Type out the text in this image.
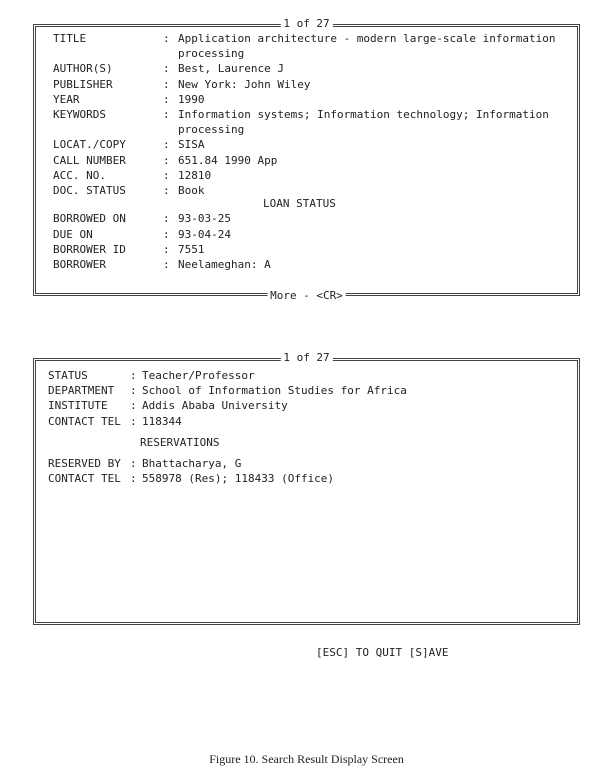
1 of 27
TITLE	: Application architecture - modern large-scale information
processing
AUTHOR(S)	: Best, Laurence J
PUBLISHER	: New York: John Wiley
YEAR	: 1990
KEYWORDS	: Information systems; Information technology; Information
processing
LOCAT./COPY	: SISA
CALL NUMBER	: 651.84 1990 App
ACC. NO.	: 12810
DOC. STATUS	: Book
LOAN STATUS
BORROWED ON	: 93-03-25
DUE ON	: 93-04-24
BORROWER ID	: 7551
BORROWER	: Neelameghan: A
More - <CR>
1 of 27
STATUS	: Teacher/Professor
DEPARTMENT : School of Information Studies for Africa
INSTITUTE : Addis Ababa University
CONTACT TEL : 118344
RESERVATIONS
RESERVED BY : Bhattacharya, G
CONTACT TEL : 558978 (Res); 118433 (Office)
[ESC] TO QUIT [S]AVE
Figure 10. Search Result Display Screen
